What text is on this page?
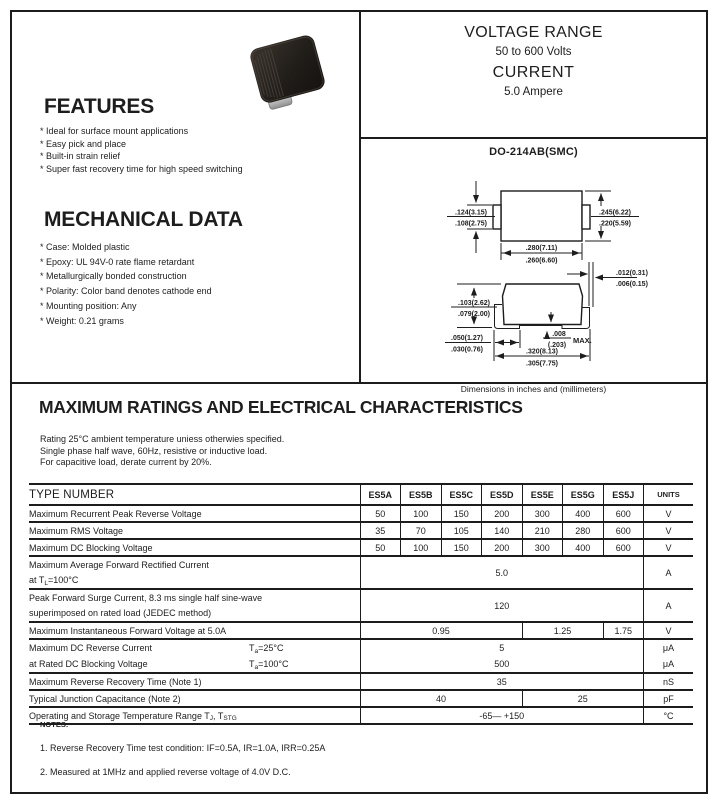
FEATURES
* Ideal for surface mount applications
* Easy pick and place
* Built-in strain relief
* Super fast recovery time for high speed switching
MECHANICAL DATA
* Case: Molded plastic
* Epoxy: UL 94V-0 rate flame retardant
* Metallurgically bonded construction
* Polarity: Color band denotes cathode end
* Mounting position: Any
* Weight: 0.21 grams
VOLTAGE RANGE
50 to 600 Volts
CURRENT
5.0 Ampere
DO-214AB(SMC)
.124(3.15)
.108(2.75)
.245(6.22)
.220(5.59)
.280(7.11)
.260(6.60)
.012(0.31)
.006(0.15)
.103(2.62)
.079(2.00)
.050(1.27)
.030(0.76)
.008
(.203)
MAX.
.320(8.13)
.305(7.75)
Dimensions in inches and (millimeters)
MAXIMUM RATINGS AND ELECTRICAL CHARACTERISTICS
Rating 25°C ambient temperature uniess otherwies specified.
Single phase half wave, 60Hz, resistive or inductive load.
For capacitive load, derate current by 20%.
TYPE NUMBER	ES5A	ES5B	ES5C	ES5D	ES5E	ES5G	ES5J	UNITS
Maximum Recurrent Peak Reverse Voltage	50	100	150	200	300	400	600	V
Maximum RMS Voltage	35	70	105	140	210	280	600	V
Maximum DC Blocking Voltage	50	100	150	200	300	400	600	V
Maximum Average Forward Rectified Current	5.0							A
at $T_L=100^\circ C$								
Peak Forward Surge Current, 8.3 ms single half sine-wave	120							A
superimposed on rated load (JEDEC method)								
Maximum Instantaneous Forward Voltage at 5.0A	0.95				1.25		1.75	V
Maximum DC Reverse Current $T_a=25^\circ C$	5							μA
at Rated DC Blocking Voltage $T_a=100^\circ C$	500							μA
Maximum Reverse Recovery Time (Note 1)	35							nS
Typical Junction Capacitance (Note 2)	40				25			pF
Operating and Storage Temperature Range $T_J$, $T_{STG}$	-65— +150							°C
NOTES:
1. Reverse Recovery Time test condition: IF=0.5A, IR=1.0A, IRR=0.25A
2. Measured at 1MHz and applied reverse voltage of 4.0V D.C.
